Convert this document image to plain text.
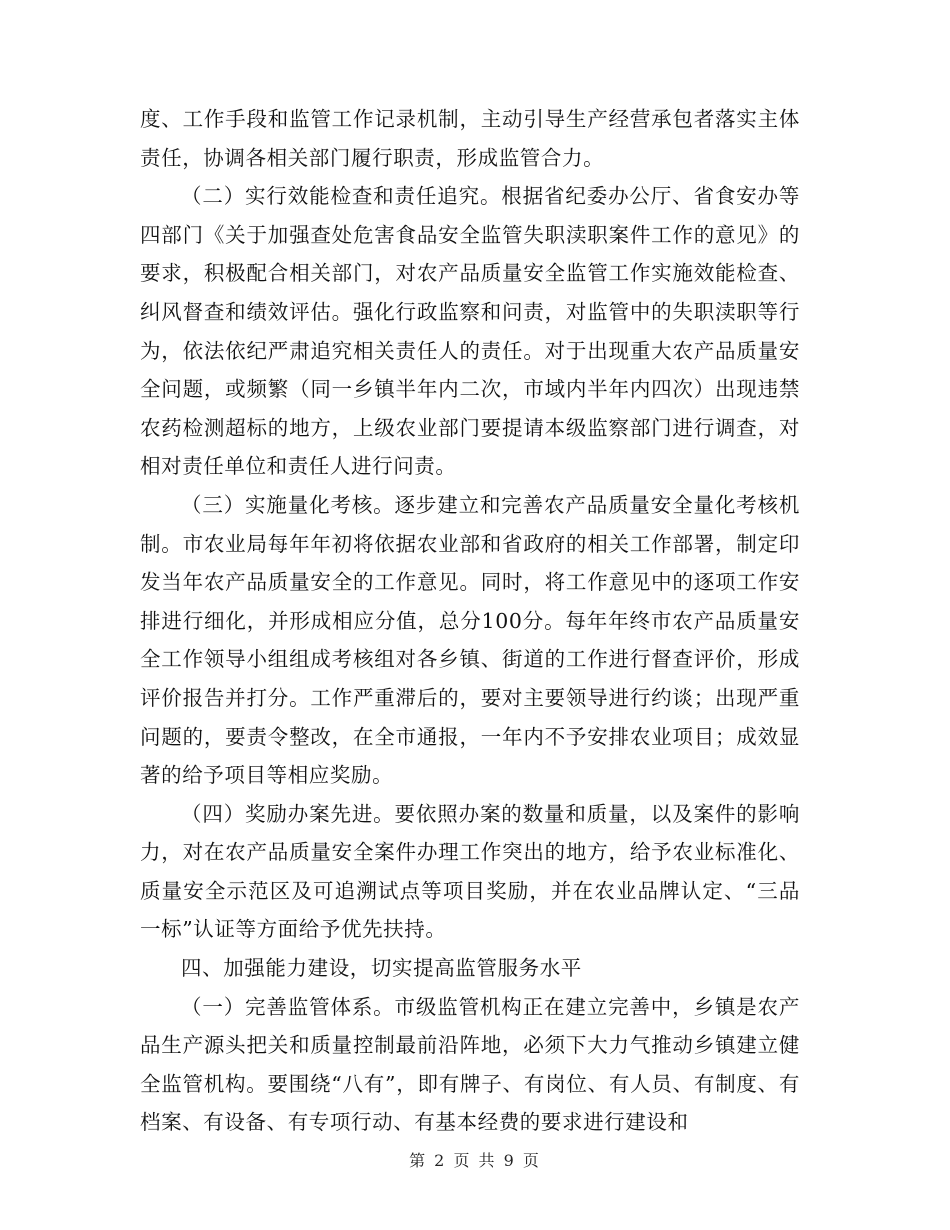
度、工作手段和监管工作记录机制，主动引导生产经营承包者落实主体责任，协调各相关部门履行职责，形成监管合力。

（二）实行效能检查和责任追究。根据省纪委办公厅、省食安办等四部门《关于加强查处危害食品安全监管失职渎职案件工作的意见》的要求，积极配合相关部门，对农产品质量安全监管工作实施效能检查、纠风督查和绩效评估。强化行政监察和问责，对监管中的失职渎职等行为，依法依纪严肃追究相关责任人的责任。对于出现重大农产品质量安全问题，或频繁（同一乡镇半年内二次，市域内半年内四次）出现违禁农药检测超标的地方，上级农业部门要提请本级监察部门进行调查，对相对责任单位和责任人进行问责。

（三）实施量化考核。逐步建立和完善农产品质量安全量化考核机制。市农业局每年年初将依据农业部和省政府的相关工作部署，制定印发当年农产品质量安全的工作意见。同时，将工作意见中的逐项工作安排进行细化，并形成相应分值，总分100分。每年年终市农产品质量安全工作领导小组组成考核组对各乡镇、街道的工作进行督查评价，形成评价报告并打分。工作严重滞后的，要对主要领导进行约谈；出现严重问题的，要责令整改，在全市通报，一年内不予安排农业项目；成效显著的给予项目等相应奖励。

（四）奖励办案先进。要依照办案的数量和质量，以及案件的影响力，对在农产品质量安全案件办理工作突出的地方，给予农业标准化、质量安全示范区及可追溯试点等项目奖励，并在农业品牌认定、“三品一标”认证等方面给予优先扶持。

四、加强能力建设，切实提高监管服务水平

（一）完善监管体系。市级监管机构正在建立完善中，乡镇是农产品生产源头把关和质量控制最前沿阵地，必须下大力气推动乡镇建立健全监管机构。要围绕“八有”，即有牌子、有岗位、有人员、有制度、有档案、有设备、有专项行动、有基本经费的要求进行建设和

第 2 页 共 9 页
